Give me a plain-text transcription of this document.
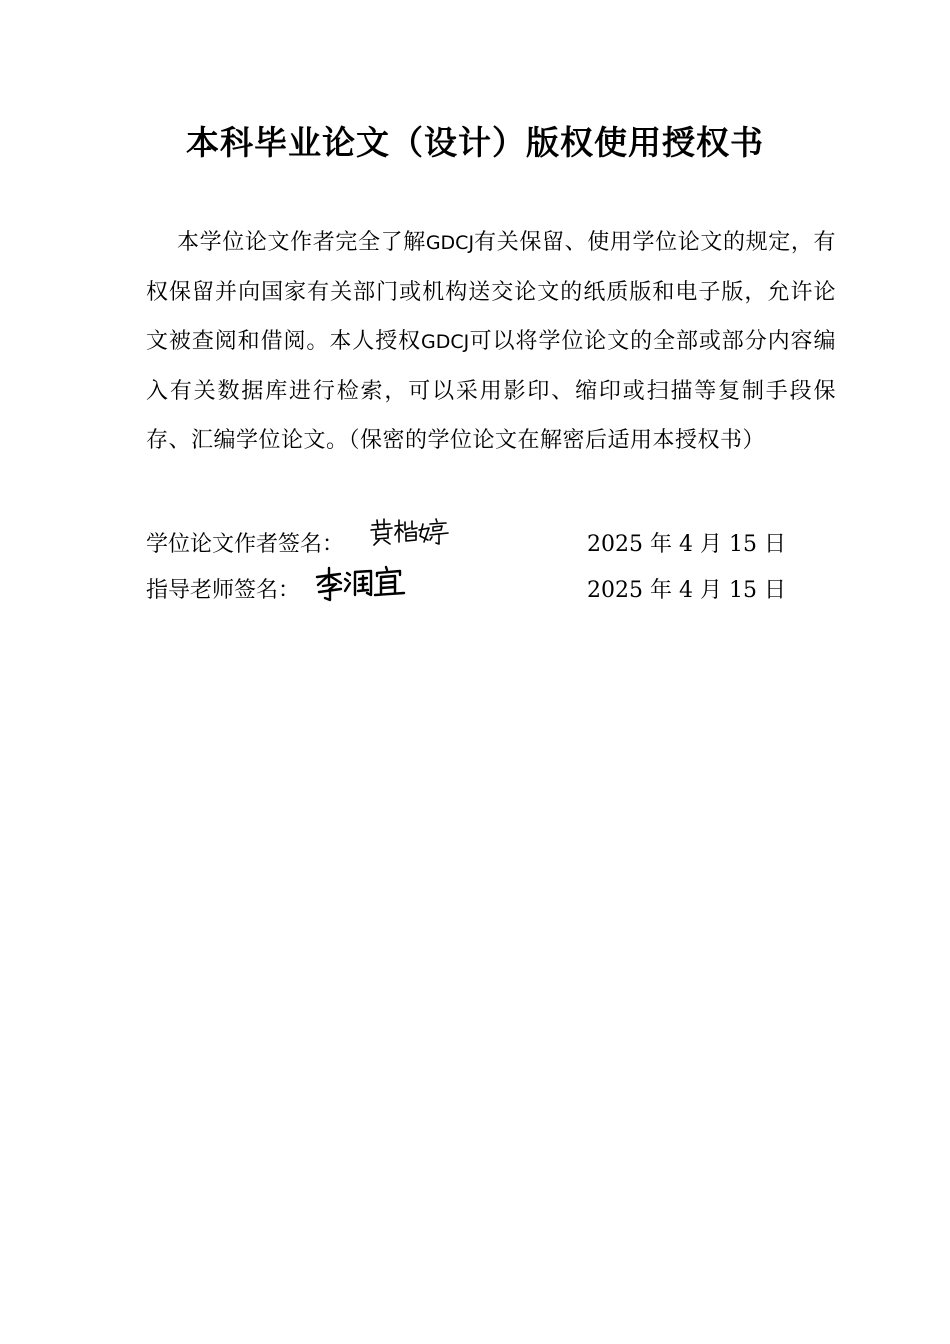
本科毕业论文（设计）版权使用授权书

本学位论文作者完全了解GDCJ有关保留、使用学位论文的规定，有权保留并向国家有关部门或机构送交论文的纸质版和电子版，允许论文被查阅和借阅。本人授权GDCJ可以将学位论文的全部或部分内容编入有关数据库进行检索，可以采用影印、缩印或扫描等复制手段保存、汇编学位论文。（保密的学位论文在解密后适用本授权书）

学位论文作者签名：	2025 年 4 月 15 日
指导老师签名：	2025 年 4 月 15 日
